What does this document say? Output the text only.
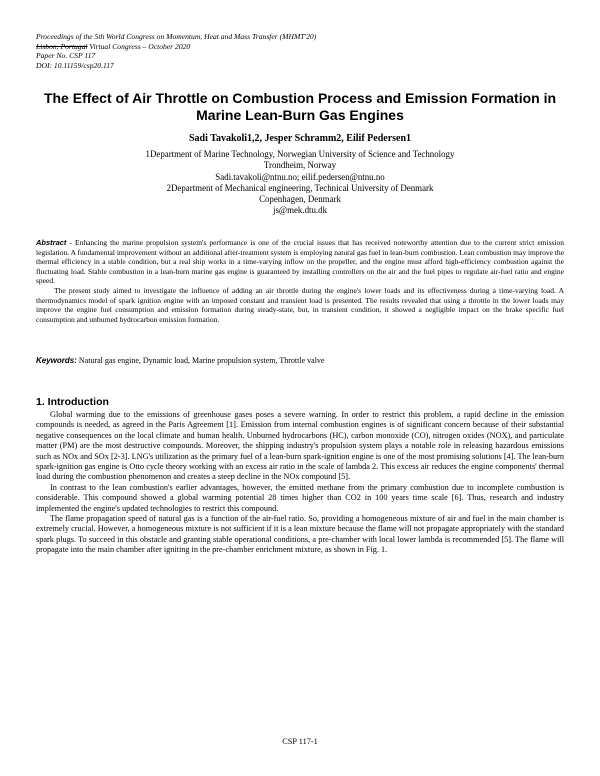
Proceedings of the 5th World Congress on Momentum, Heat and Mass Transfer (MHMT'20)
Lisbon, Portugal Virtual Congress – October 2020
Paper No. CSP 117
DOI: 10.11159/csp20.117
The Effect of Air Throttle on Combustion Process and Emission Formation in Marine Lean-Burn Gas Engines
Sadi Tavakoli1,2, Jesper Schramm2, Eilif Pedersen1
1Department of Marine Technology, Norwegian University of Science and Technology
Trondheim, Norway
Sadi.tavakoli@ntnu.no; eilif.pedersen@ntnu.no
2Department of Mechanical engineering, Technical University of Denmark
Copenhagen, Denmark
js@mek.dtu.dk

Abstract - Enhancing the marine propulsion system's performance is one of the crucial issues that has received noteworthy attention due to the current strict emission legislation. A fundamental improvement without an additional after-treatment system is employing natural gas fuel in lean-burn combustion. Lean combustion may improve the thermal efficiency in a stable condition, but a real ship works in a time-varying inflow on the propeller, and the engine must afford high-efficiency combustion against the fluctuating load. Stable combustion in a lean-burn marine gas engine is guaranteed by installing controllers on the air and the fuel pipes to regulate air-fuel ratio and engine speed.

The present study aimed to investigate the influence of adding an air throttle during the engine's lower loads and its effectiveness during a time-varying load. A thermodynamics model of spark ignition engine with an imposed constant and transient load is presented. The results revealed that using a throttle in the lower loads may improve the engine fuel consumption and emission formation during steady-state, but, in transient condition, it showed a negligible impact on the brake specific fuel consumption and unburned hydrocarbon emission formation.

Keywords: Natural gas engine, Dynamic load, Marine propulsion system, Throttle valve
1. Introduction

Global warming due to the emissions of greenhouse gases poses a severe warning. In order to restrict this problem, a rapid decline in the emission compounds is needed, as agreed in the Paris Agreement [1]. Emission from internal combustion engines is of significant concern because of their substantial negative consequences on the local climate and human health. Unburned hydrocarbons (HC), carbon monoxide (CO), nitrogen oxides (NOX), and particulate matter (PM) are the most destructive compounds. Moreover, the shipping industry's propulsion system plays a notable role in releasing hazardous emissions such as NOx and SOx [2-3]. LNG's utilization as the primary fuel of a lean-burn spark-ignition engine is one of the most promising solutions [4]. The lean-burn spark-ignition gas engine is Otto cycle theory working with an excess air ratio in the scale of lambda 2. This excess air reduces the engine components' thermal load during the combustion phenomenon and creates a steep decline in the NOx compound [5].

In contrast to the lean combustion's earlier advantages, however, the emitted methane from the primary combustion due to incomplete combustion is considerable. This compound showed a global warming potential 28 times higher than CO2 in 100 years time scale [6]. Thus, research and industry implemented the engine's updated technologies to restrict this compound.

The flame propagation speed of natural gas is a function of the air-fuel ratio. So, providing a homogeneous mixture of air and fuel in the main chamber is extremely crucial. However, a homogeneous mixture is not sufficient if it is a lean mixture because the flame will not propagate appropriately with the standard spark plugs. To succeed in this obstacle and granting stable operational conditions, a pre-chamber with local lower lambda is recommended [5]. The flame will propagate into the main chamber after igniting in the pre-chamber enrichment mixture, as shown in Fig. 1.

CSP 117-1
